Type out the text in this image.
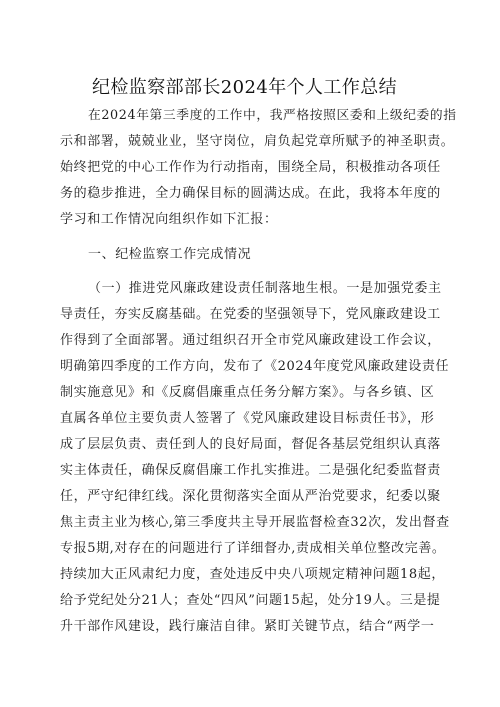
纪检监察部部长2024年个人工作总结
在2024年第三季度的工作中，我严格按照区委和上级纪委的指
示和部署，兢兢业业，坚守岗位，肩负起党章所赋予的神圣职责。
始终把党的中心工作作为行动指南，围绕全局，积极推动各项任
务的稳步推进，全力确保目标的圆满达成。在此，我将本年度的
学习和工作情况向组织作如下汇报：
一、纪检监察工作完成情况
（一）推进党风廉政建设责任制落地生根。一是加强党委主
导责任，夯实反腐基础。在党委的坚强领导下，党风廉政建设工
作得到了全面部署。通过组织召开全市党风廉政建设工作会议，
明确第四季度的工作方向，发布了《2024年度党风廉政建设责任
制实施意见》和《反腐倡廉重点任务分解方案》。与各乡镇、区
直属各单位主要负责人签署了《党风廉政建设目标责任书》，形
成了层层负责、责任到人的良好局面，督促各基层党组织认真落
实主体责任，确保反腐倡廉工作扎实推进。二是强化纪委监督责
任，严守纪律红线。深化贯彻落实全面从严治党要求，纪委以聚
焦主责主业为核心,第三季度共主导开展监督检查32次，发出督查
专报5期,对存在的问题进行了详细督办,责成相关单位整改完善。
持续加大正风肃纪力度，查处违反中央八项规定精神问题18起，
给予党纪处分21人；查处“四风”问题15起，处分19人。三是提
升干部作风建设，践行廉洁自律。紧盯关键节点，结合“两学一
